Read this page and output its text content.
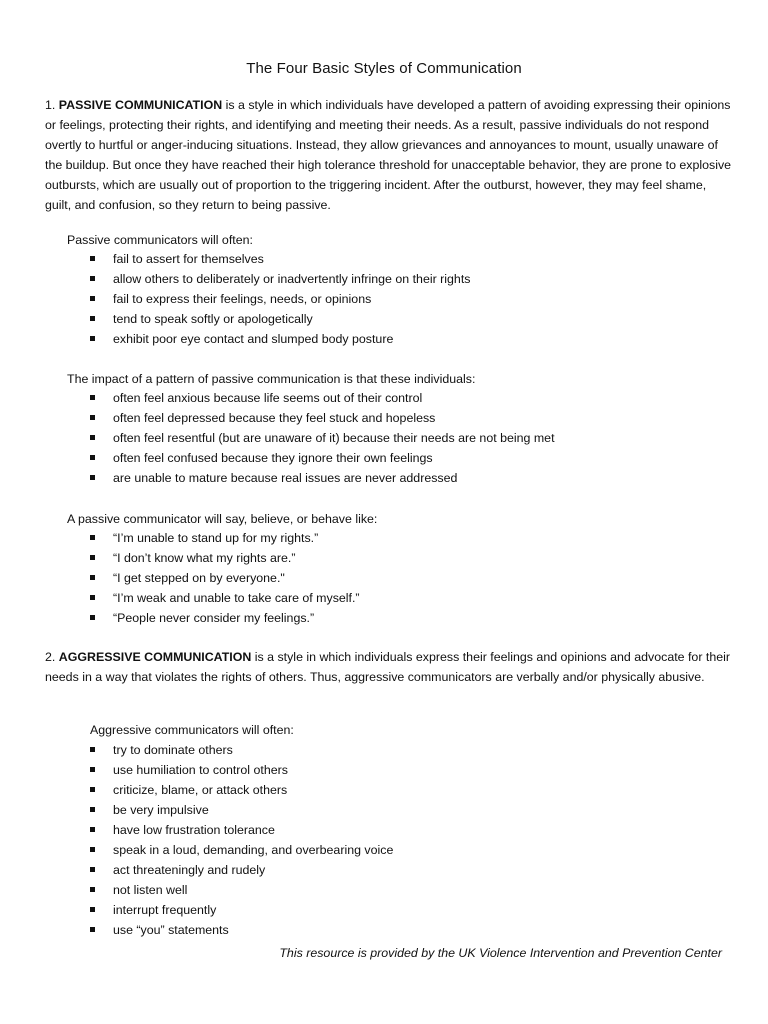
The Four Basic Styles of Communication

1. PASSIVE COMMUNICATION is a style in which individuals have developed a pattern of avoiding expressing their opinions or feelings, protecting their rights, and identifying and meeting their needs. As a result, passive individuals do not respond overtly to hurtful or anger-inducing situations. Instead, they allow grievances and annoyances to mount, usually unaware of the buildup. But once they have reached their high tolerance threshold for unacceptable behavior, they are prone to explosive outbursts, which are usually out of proportion to the triggering incident. After the outburst, however, they may feel shame, guilt, and confusion, so they return to being passive.

Passive communicators will often:
fail to assert for themselves
allow others to deliberately or inadvertently infringe on their rights
fail to express their feelings, needs, or opinions
tend to speak softly or apologetically
exhibit poor eye contact and slumped body posture
The impact of a pattern of passive communication is that these individuals:
often feel anxious because life seems out of their control
often feel depressed because they feel stuck and hopeless
often feel resentful (but are unaware of it) because their needs are not being met
often feel confused because they ignore their own feelings
are unable to mature because real issues are never addressed
A passive communicator will say, believe, or behave like:
“I’m unable to stand up for my rights.”
“I don’t know what my rights are.”
“I get stepped on by everyone."
“I’m weak and unable to take care of myself.”
“People never consider my feelings.”

2. AGGRESSIVE COMMUNICATION is a style in which individuals express their feelings and opinions and advocate for their needs in a way that violates the rights of others. Thus, aggressive communicators are verbally and/or physically abusive.

Aggressive communicators will often:
try to dominate others
use humiliation to control others
criticize, blame, or attack others
be very impulsive
have low frustration tolerance
speak in a loud, demanding, and overbearing voice
act threateningly and rudely
not listen well
interrupt frequently
use “you” statements
This resource is provided by the UK Violence Intervention and Prevention Center
